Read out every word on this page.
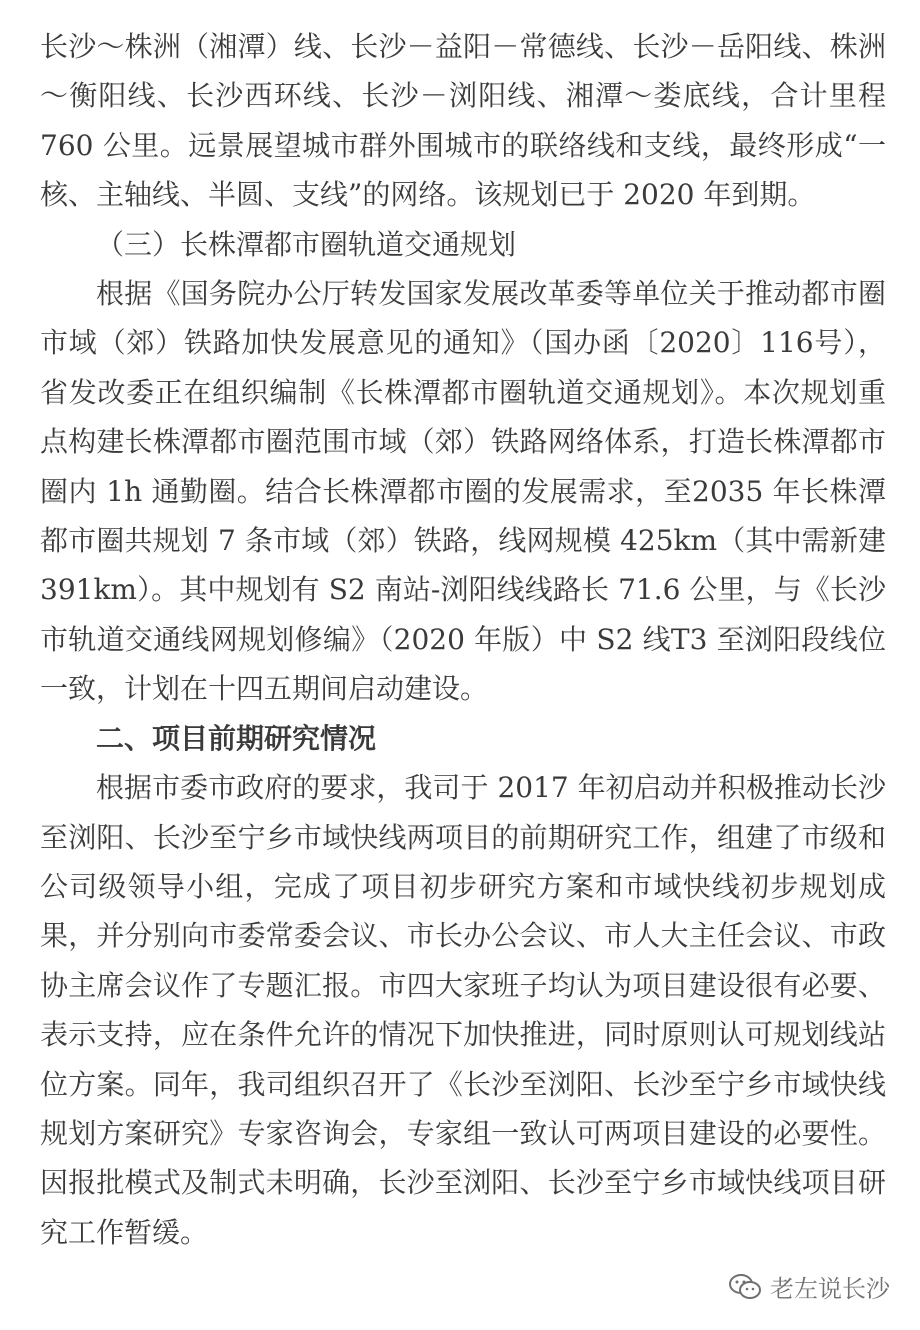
长沙～株洲（湘潭）线、长沙－益阳－常德线、长沙－岳阳线、株洲～衡阳线、长沙西环线、长沙－浏阳线、湘潭～娄底线，合计里程 760 公里。远景展望城市群外围城市的联络线和支线，最终形成“一核、主轴线、半圆、支线”的网络。该规划已于 2020 年到期。

（三）长株潭都市圈轨道交通规划

根据《国务院办公厅转发国家发展改革委等单位关于推动都市圈市域（郊）铁路加快发展意见的通知》（国办函〔2020〕116号），省发改委正在组织编制《长株潭都市圈轨道交通规划》。本次规划重点构建长株潭都市圈范围市域（郊）铁路网络体系，打造长株潭都市圈内 1h 通勤圈。结合长株潭都市圈的发展需求，至2035 年长株潭都市圈共规划 7 条市域（郊）铁路，线网规模 425km（其中需新建 391km）。其中规划有 S2 南站-浏阳线线路长 71.6 公里，与《长沙市轨道交通线网规划修编》（2020 年版）中 S2 线T3 至浏阳段线位一致，计划在十四五期间启动建设。

二、项目前期研究情况

根据市委市政府的要求，我司于 2017 年初启动并积极推动长沙至浏阳、长沙至宁乡市域快线两项目的前期研究工作，组建了市级和公司级领导小组，完成了项目初步研究方案和市域快线初步规划成果，并分别向市委常委会议、市长办公会议、市人大主任会议、市政协主席会议作了专题汇报。市四大家班子均认为项目建设很有必要、表示支持，应在条件允许的情况下加快推进，同时原则认可规划线站位方案。同年，我司组织召开了《长沙至浏阳、长沙至宁乡市域快线规划方案研究》专家咨询会，专家组一致认可两项目建设的必要性。因报批模式及制式未明确，长沙至浏阳、长沙至宁乡市域快线项目研究工作暂缓。

老左说长沙
